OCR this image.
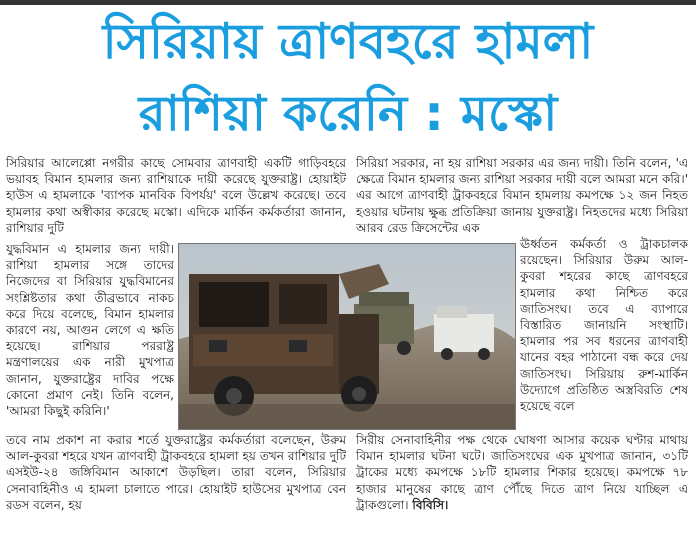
সিরিয়ায় ত্রাণবহরে হামলা
রাশিয়া করেনি : মস্কো
সিরিয়ার আলেপ্পো নগরীর কাছে সোমবার ত্রাণবাহী একটি গাড়িবহরে ভয়াবহ বিমান হামলার জন্য রাশিয়াকে দায়ী করেছে যুক্তরাষ্ট্র। হোয়াইট হাউস এ হামলাকে 'ব্যাপক মানবিক বিপর্যয়' বলে উল্লেখ করেছে। তবে হামলার কথা অস্বীকার করেছে মস্কো। এদিকে মার্কিন কর্মকর্তারা জানান, রাশিয়ার দুটি
যুদ্ধবিমান এ হামলার জন্য দায়ী। রাশিয়া হামলার সঙ্গে তাদের নিজেদের বা সিরিয়ার যুদ্ধবিমানের সংশ্লিষ্টতার কথা তীব্রভাবে নাকচ করে দিয়ে বলেছে, বিমান হামলার কারণে নয়, আগুন লেগে এ ক্ষতি হয়েছে। রাশিয়ার পররাষ্ট্র মন্ত্রণালয়ের এক নারী মুখপাত্র জানান, যুক্তরাষ্ট্রের দাবির পক্ষে কোনো প্রমাণ নেই। তিনি বলেন, 'আমরা কিছুই করিনি।'
তবে নাম প্রকাশ না করার শর্তে যুক্তরাষ্ট্রের কর্মকর্তারা বলেছেন, উরুম আল-কুবরা শহরে যখন ত্রাণবাহী ট্রাকবহরে হামলা হয় তখন রাশিয়ার দুটি এসইউ-২৪ জঙ্গিবিমান আকাশে উড়ছিল। তারা বলেন, সিরিয়ার সেনাবাহিনীও এ হামলা চালাতে পারে। হোয়াইট হাউসের মুখপাত্র বেন রডস বলেন, হয়
সিরিয়া সরকার, না হয় রাশিয়া সরকার এর জন্য দায়ী। তিনি বলেন, 'এ ক্ষেত্রে বিমান হামলার জন্য রাশিয়া সরকার দায়ী বলে আমরা মনে করি।' এর আগে ত্রাণবাহী ট্রাকবহরে বিমান হামলায় কমপক্ষে ১২ জন নিহত হওয়ার ঘটনায় ক্ষুব্ধ প্রতিক্রিয়া জানায় যুক্তরাষ্ট্র। নিহতদের মধ্যে সিরিয়া আরব রেড ক্রিসেন্টের এক
ঊর্ধ্বতন কর্মকর্তা ও ট্রাকচালক রয়েছেন। সিরিয়ার উরুম আল-কুবরা শহরের কাছে ত্রাণবহরে হামলার কথা নিশ্চিত করে জাতিসংঘ। তবে এ ব্যাপারে বিস্তারিত জানায়নি সংস্থাটি। হামলার পর সব ধরনের ত্রাণবাহী যানের বহর পাঠানো বন্ধ করে দেয় জাতিসংঘ। সিরিয়ায় রুশ-মার্কিন উদ্যোগে প্রতিষ্ঠিত অস্ত্রবিরতি শেষ হয়েছে বলে
সিরীয় সেনাবাহিনীর পক্ষ থেকে ঘোষণা আসার কয়েক ঘণ্টার মাথায় বিমান হামলার ঘটনা ঘটে। জাতিসংঘের এক মুখপাত্র জানান, ৩১টি ট্রাকের মধ্যে কমপক্ষে ১৮টি হামলার শিকার হয়েছে। কমপক্ষে ৭৮ হাজার মানুষের কাছে ত্রাণ পৌঁছে দিতে ত্রাণ নিয়ে যাচ্ছিল এ ট্রাকগুলো। বিবিসি।
